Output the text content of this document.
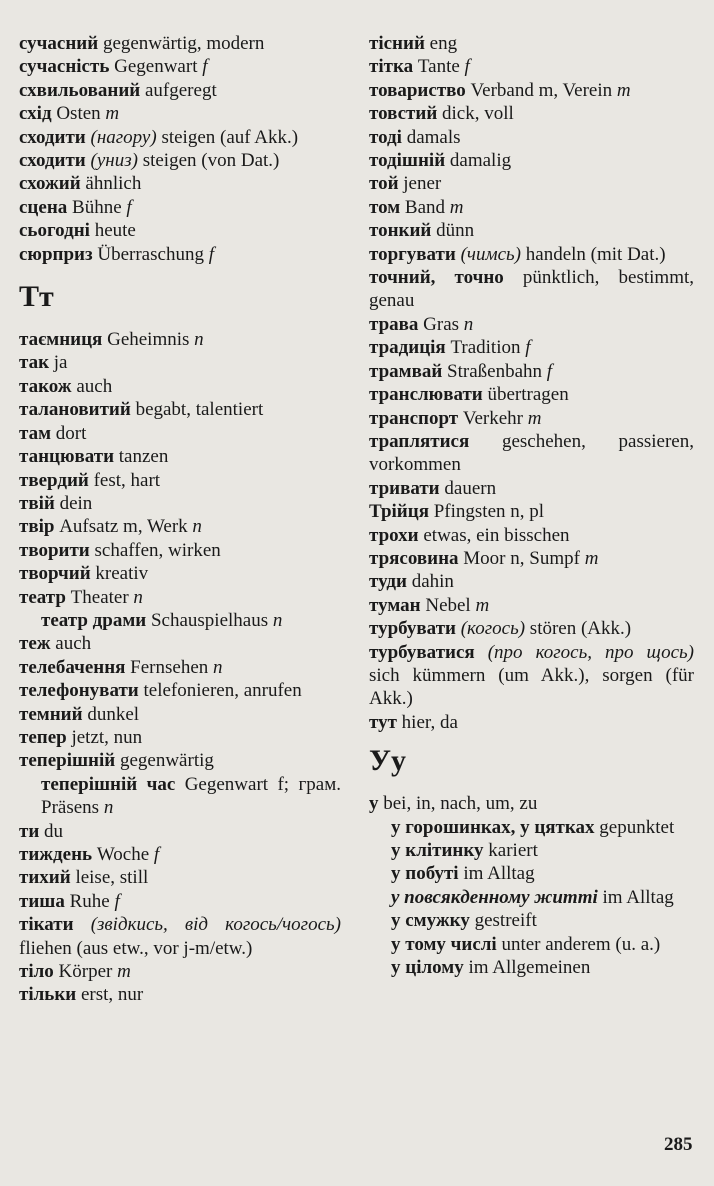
сучасний gegenwärtig, modern
сучасність Gegenwart f
схвильований aufgeregt
схід Osten m
сходити (нагору) steigen (auf Akk.)
сходити (униз) steigen (von Dat.)
схожий ähnlich
сцена Bühne f
сьогодні heute
сюрприз Überraschung f
Тт
таємниця Geheimnis n
так ja
також auch
талановитий begabt, talentiert
там dort
танцювати tanzen
твердий fest, hart
твій dein
твір Aufsatz m, Werk n
творити schaffen, wirken
творчий kreativ
театр Theater n
театр драми Schauspielhaus n
теж auch
телебачення Fernsehen n
телефонувати telefonieren, anrufen
темний dunkel
тепер jetzt, nun
теперішній gegenwärtig
теперішній час Gegenwart f; грам. Präsens n
ти du
тиждень Woche f
тихий leise, still
тиша Ruhe f
тікати (звідкись, від когось/чогось) fliehen (aus etw., vor j-m/etw.)
тіло Körper m
тільки erst, nur
тісний eng
тітка Tante f
товариство Verband m, Verein m
товстий dick, voll
тоді damals
тодішній damalig
той jener
том Band m
тонкий dünn
торгувати (чимсь) handeln (mit Dat.)
точний, точно pünktlich, bestimmt, genau
трава Gras n
традиція Tradition f
трамвай Straßenbahn f
транслювати übertragen
транспорт Verkehr m
траплятися geschehen, passieren, vorkommen
тривати dauern
Трійця Pfingsten n, pl
трохи etwas, ein bisschen
трясовина Moor n, Sumpf m
туди dahin
туман Nebel m
турбувати (когось) stören (Akk.)
турбуватися (про когось, про щось) sich kümmern (um Akk.), sorgen (für Akk.)
тут hier, da
Уу
у bei, in, nach, um, zu
у горошинках, у цятках gepunktet
у клітинку kariert
у побуті im Alltag
у повсякденному житті im Alltag
у смужку gestreift
у тому числі unter anderem (u. a.)
у цілому im Allgemeinen
285
